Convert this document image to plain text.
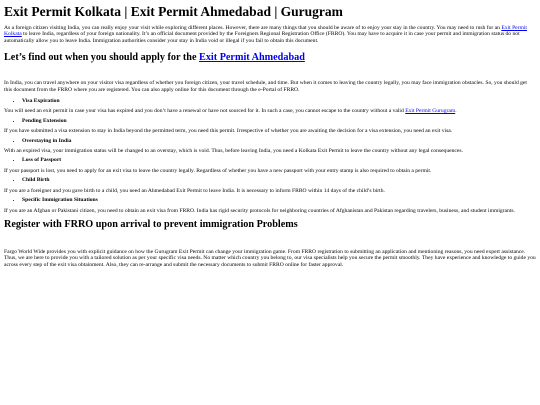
Exit Permit Kolkata | Exit Permit Ahmedabad | Gurugram

As a foreign citizen visiting India, you can really enjoy your visit while exploring different places. However, there are many things that you should be aware of to enjoy your stay in the country. You may need to rush for an Exit Permit Kolkata to leave India, regardless of your foreign nationality. It’s an official document provided by the Foreigners Regional Registration Office (FRRO). You may have to acquire it in case your permit and immigration status do not automatically allow you to leave India. Immigration authorities consider your stay in India void or illegal if you fail to obtain this document.

Let’s find out when you should apply for the Exit Permit Ahmedabad

In India, you can travel anywhere on your visitor visa regardless of whether you foreign citizen, your travel schedule, and time. But when it comes to leaving the country legally, you may face immigration obstacles. So, you should get this document from the FRRO where you are registered. You can also apply online for this document through the e-Portal of FRRO.

• Visa Expiration

You will need an exit permit in case your visa has expired and you don’t have a renewal or have not sourced for it. In such a case, you cannot escape to the country without a valid Exit Permit Gurugram.

• Pending Extension

If you have submitted a visa extension to stay in India beyond the permitted term, you need this permit. Irrespective of whether you are awaiting the decision for a visa extension, you need an exit visa.

• Overstaying in India

With an expired visa, your immigration status will be changed to an overstay, which is void. Thus, before leaving India, you need a Kolkata Exit Permit to leave the country without any legal consequences.

• Loss of Passport

If your passport is lost, you need to apply for an exit visa to leave the country legally. Regardless of whether you have a new passport with your entry stamp is also required to obtain a permit.

• Child Birth

If you are a foreigner and you gave birth to a child, you need an Ahmedabad Exit Permit to leave India. It is necessary to inform FRRO within 14 days of the child’s birth.

• Specific Immigration Situations

If you are an Afghan or Pakistani citizen, you need to obtain an exit visa from FRRO. India has rigid security protocols for neighboring countries of Afghanistan and Pakistan regarding travelers, business, and student immigrants.

Register with FRRO upon arrival to prevent immigration Problems

Fargo World Wide provides you with explicit guidance on how the Gurugram Exit Permit can change your immigration game. From FRRO registration to submitting an application and mentioning reasons, you need expert assistance. Thus, we are here to provide you with a tailored solution as per your specific visa needs. No matter which country you belong to, our visa specialists help you secure the permit smoothly. They have experience and knowledge to guide you across every step of the exit visa obtainment. Also, they can re-arrange and submit the necessary documents to submit FRRO online for faster approval.
